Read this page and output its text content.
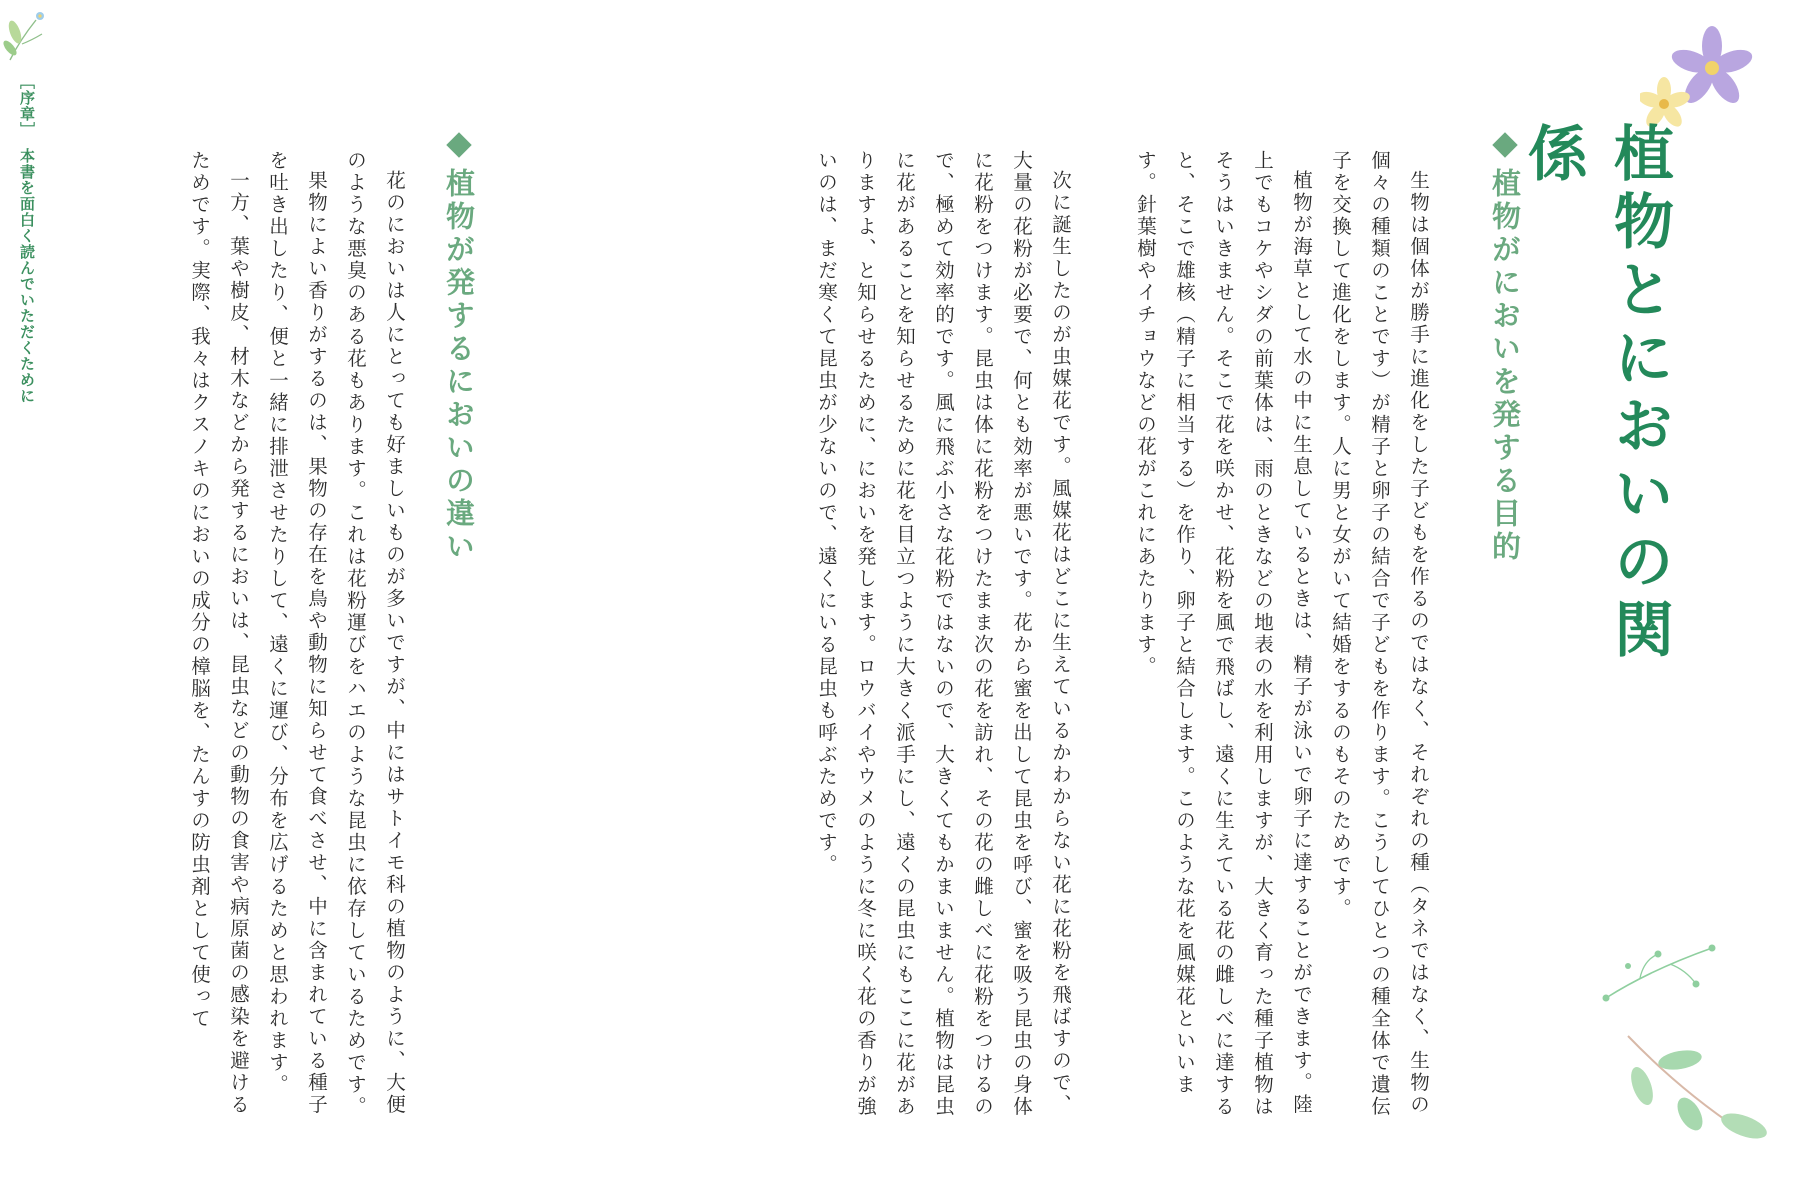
［序章］本書を面白く読んでいただくために	植物とにおいの関係
植物がにおいを発する目的

生物は個体が勝手に進化をした子どもを作るのではなく、それぞれの種（タネではなく、生物の個々の種類のことです）が精子と卵子の結合で子どもを作ります。こうしてひとつの種全体で遺伝子を交換して進化をします。人に男と女がいて結婚をするのもそのためです。

植物が海草として水の中に生息しているときは、精子が泳いで卵子に達することができます。陸上でもコケやシダの前葉体は、雨のときなどの地表の水を利用しますが、大きく育った種子植物はそうはいきません。そこで花を咲かせ、花粉を風で飛ばし、遠くに生えている花の雌しべに達すると、そこで雄核（精子に相当する）を作り、卵子と結合します。このような花を風媒花といいます。針葉樹やイチョウなどの花がこれにあたります。

次に誕生したのが虫媒花です。風媒花はどこに生えているかわからない花に花粉を飛ばすので、大量の花粉が必要で、何とも効率が悪いです。花から蜜を出して昆虫を呼び、蜜を吸う昆虫の身体に花粉をつけます。昆虫は体に花粉をつけたまま次の花を訪れ、その花の雌しべに花粉をつけるので、極めて効率的です。風に飛ぶ小さな花粉ではないので、大きくてもかまいません。植物は昆虫に花があることを知らせるために花を目立つように大きく派手にし、遠くの昆虫にもここに花がありますよ、と知らせるために、においを発します。ロウバイやウメのように冬に咲く花の香りが強いのは、まだ寒くて昆虫が少ないので、遠くにいる昆虫も呼ぶためです。

植物が発するにおいの違い

花のにおいは人にとっても好ましいものが多いですが、中にはサトイモ科の植物のように、大便のような悪臭のある花もあります。これは花粉運びをハエのような昆虫に依存しているためです。

果物によい香りがするのは、果物の存在を鳥や動物に知らせて食べさせ、中に含まれている種子を吐き出したり、便と一緒に排泄させたりして、遠くに運び、分布を広げるためと思われます。

一方、葉や樹皮、材木などから発するにおいは、昆虫などの動物の食害や病原菌の感染を避けるためです。実際、我々はクスノキのにおいの成分の樟脳を、たんすの防虫剤として使って
